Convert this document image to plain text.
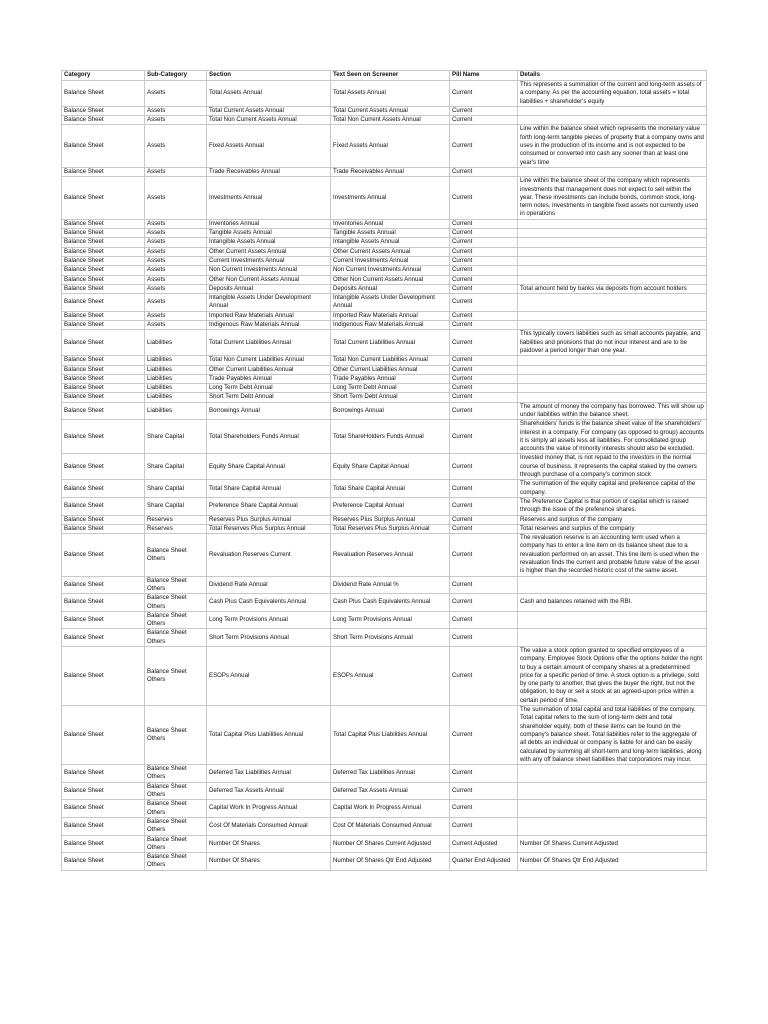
Category	Sub-Category	Section	Text Seen on Screener	Pill Name	Details
Balance Sheet	Assets	Total Assets Annual	Total Assets Annual	Current	This represents a summation of the current and long-term assets of a company. As per the accounting equation, total assets = total liabilities + shareholder's equity
Balance Sheet	Assets	Total Current Assets Annual	Total Current Assets Annual	Current	
Balance Sheet	Assets	Total Non Current Assets Annual	Total Non Current Assets Annual	Current	
Balance Sheet	Assets	Fixed Assets Annual	Fixed Assets Annual	Current	Line within the balance sheet which represents the monetary value forth long-term tangible pieces of property that a company owns and uses in the production of its income and is not expected to be consumed or converted into cash any sooner than at least one year's time
Balance Sheet	Assets	Trade Receivables Annual	Trade Receivables Annual	Current	
Balance Sheet	Assets	Investments Annual	Investments Annual	Current	Line within the balance sheet of the company which represents investments that management does not expect to sell within the year. These investments can include bonds, common stock, long-term notes, investments in tangible fixed assets not currently used in operations
Balance Sheet	Assets	Inventories Annual	Inventories Annual	Current	
Balance Sheet	Assets	Tangible Assets Annual	Tangible Assets Annual	Current	
Balance Sheet	Assets	Intangible Assets Annual	Intangible Assets Annual	Current	
Balance Sheet	Assets	Other Current Assets Annual	Other Current Assets Annual	Current	
Balance Sheet	Assets	Current Investments Annual	Current Investments Annual	Current	
Balance Sheet	Assets	Non Current Investments Annual	Non Current Investments Annual	Current	
Balance Sheet	Assets	Other Non Current Assets Annual	Other Non Current Assets Annual	Current	
Balance Sheet	Assets	Deposits Annual	Deposits Annual	Current	Total amount held by banks via deposits from account holders
Balance Sheet	Assets	Intangible Assets Under Development Annual	Intangible Assets Under Development Annual	Current	
Balance Sheet	Assets	Imported Raw Materials Annual	Imported Raw Materials Annual	Current	
Balance Sheet	Assets	Indigenous Raw Materials Annual	Indigenous Raw Materials Annual	Current	
Balance Sheet	Liabilities	Total Current Liabilities Annual	Total Current Liabilities Annual	Current	This typically covers liabilities such as small accounts payable, and liabilities and prioisions that do not incur interest and are to be paidover a period longer than one year.
Balance Sheet	Liabilities	Total Non Current Liabilities Annual	Total Non Current Liabilities Annual	Current	
Balance Sheet	Liabilities	Other Current Liabilities Annual	Other Current Liabilities Annual	Current	
Balance Sheet	Liabilities	Trade Payables Annual	Trade Payables Annual	Current	
Balance Sheet	Liabilities	Long Term Debt Annual	Long Term Debt Annual	Current	
Balance Sheet	Liabilities	Short Term Debt Annual	Short Term Debt Annual	Current	
Balance Sheet	Liabilities	Borrowings Annual	Borrowings Annual	Current	The amount of money the company has borrowed. This will show up under liabilities within the balance sheet.
Balance Sheet	Share Capital	Total Shareholders Funds Annual	Total ShareHolders Funds Annual	Current	Shareholders' funds is the balance sheet value of the shareholders' interest in a company. For company (as opposed to group) accounts it is simply all assets less all liabilities. For consolidated group accounts the value of minority interests should also be excluded.
Balance Sheet	Share Capital	Equity Share Capital Annual	Equity Share Capital Annual	Current	Invested money that, is not repaid to the investors in the normal course of business. It represents the capital staked by the owners through purchase of a company's common stock
Balance Sheet	Share Capital	Total Share Capital Annual	Total Share Capital Annual	Current	The summation of the equity capital and preference capital of the company.
Balance Sheet	Share Capital	Preference Share Capital Annual	Preference Capital Annual	Current	The Preference Capital is that portion of capital which is raised through the issue of the preference shares.
Balance Sheet	Reserves	Reserves Plus Surplus Annual	Reserves Plus Surplus Annual	Current	Reserves and surplus of the company
Balance Sheet	Reserves	Total Reserves Plus Surplus Annual	Total Reserves Plus Surplus Annual	Current	Total reserves and surplus of the company
Balance Sheet	Balance Sheet Others	Revaluation Reserves Current	Revaluation Reserves Annual	Current	The revaluation reserve is an accounting term used when a company has to enter a line item on its balance sheet due to a revaluation performed on an asset. This line item is used when the revaluation finds the current and probable future value of the asset is higher than the recorded historic cost of the same asset.
Balance Sheet	Balance Sheet Others	Dividend Rate Annual	Dividend Rate Annual %	Current	
Balance Sheet	Balance Sheet Others	Cash Plus Cash Equivalents Annual	Cash Plus Cash Equivalents Annual	Current	Cash and balances retained with the RBI.
Balance Sheet	Balance Sheet Others	Long Term Provisions Annual	Long Term Provisions Annual	Current	
Balance Sheet	Balance Sheet Others	Short Term Provisions Annual	Short Term Provisions Annual	Current	
Balance Sheet	Balance Sheet Others	ESOPs Annual	ESOPs Annual	Current	The value a stock option granted to specified employees of a company. Employee Stock Options offer the options holder the right to buy a certain amount of company shares at a predetermined price for a specific period of time. A stock option is a privilege, sold by one party to another, that gives the buyer the right, but not the obligation, to buy or sell a stock at an agreed-upon price within a certain period of time.
Balance Sheet	Balance Sheet Others	Total Capital Plus Liabilities Annual	Total Capital Plus Liabilities Annual	Current	The summation of total capital and total liabilities of the company. Total capital refers to the sum of long-term debt and total shareholder equity; both of these items can be found on the company's balance sheet. Total liabilities refer to the aggregate of all debts an individual or company is liable for and can be easily calculated by summing all short-term and long-term liabilities, along with any off balance sheet liabilities that corporations may incur.
Balance Sheet	Balance Sheet Others	Deferred Tax Liabilities Annual	Deferred Tax Liabilities Annual	Current	
Balance Sheet	Balance Sheet Others	Deferred Tax Assets Annual	Deferred Tax Assets Annual	Current	
Balance Sheet	Balance Sheet Others	Capital Work In Progress Annual	Capital Work In Progress Annual	Current	
Balance Sheet	Balance Sheet Others	Cost Of Materials Consumed Annual	Cost Of Materials Consumed Annual	Current	
Balance Sheet	Balance Sheet Others	Number Of Shares	Number Of Shares Current Adjusted	Current Adjusted	Number Of Shares Current Adjusted
Balance Sheet	Balance Sheet Others	Number Of Shares	Number Of Shares Qtr End Adjusted	Quarter End Adjusted	Number Of Shares Qtr End Adjusted
